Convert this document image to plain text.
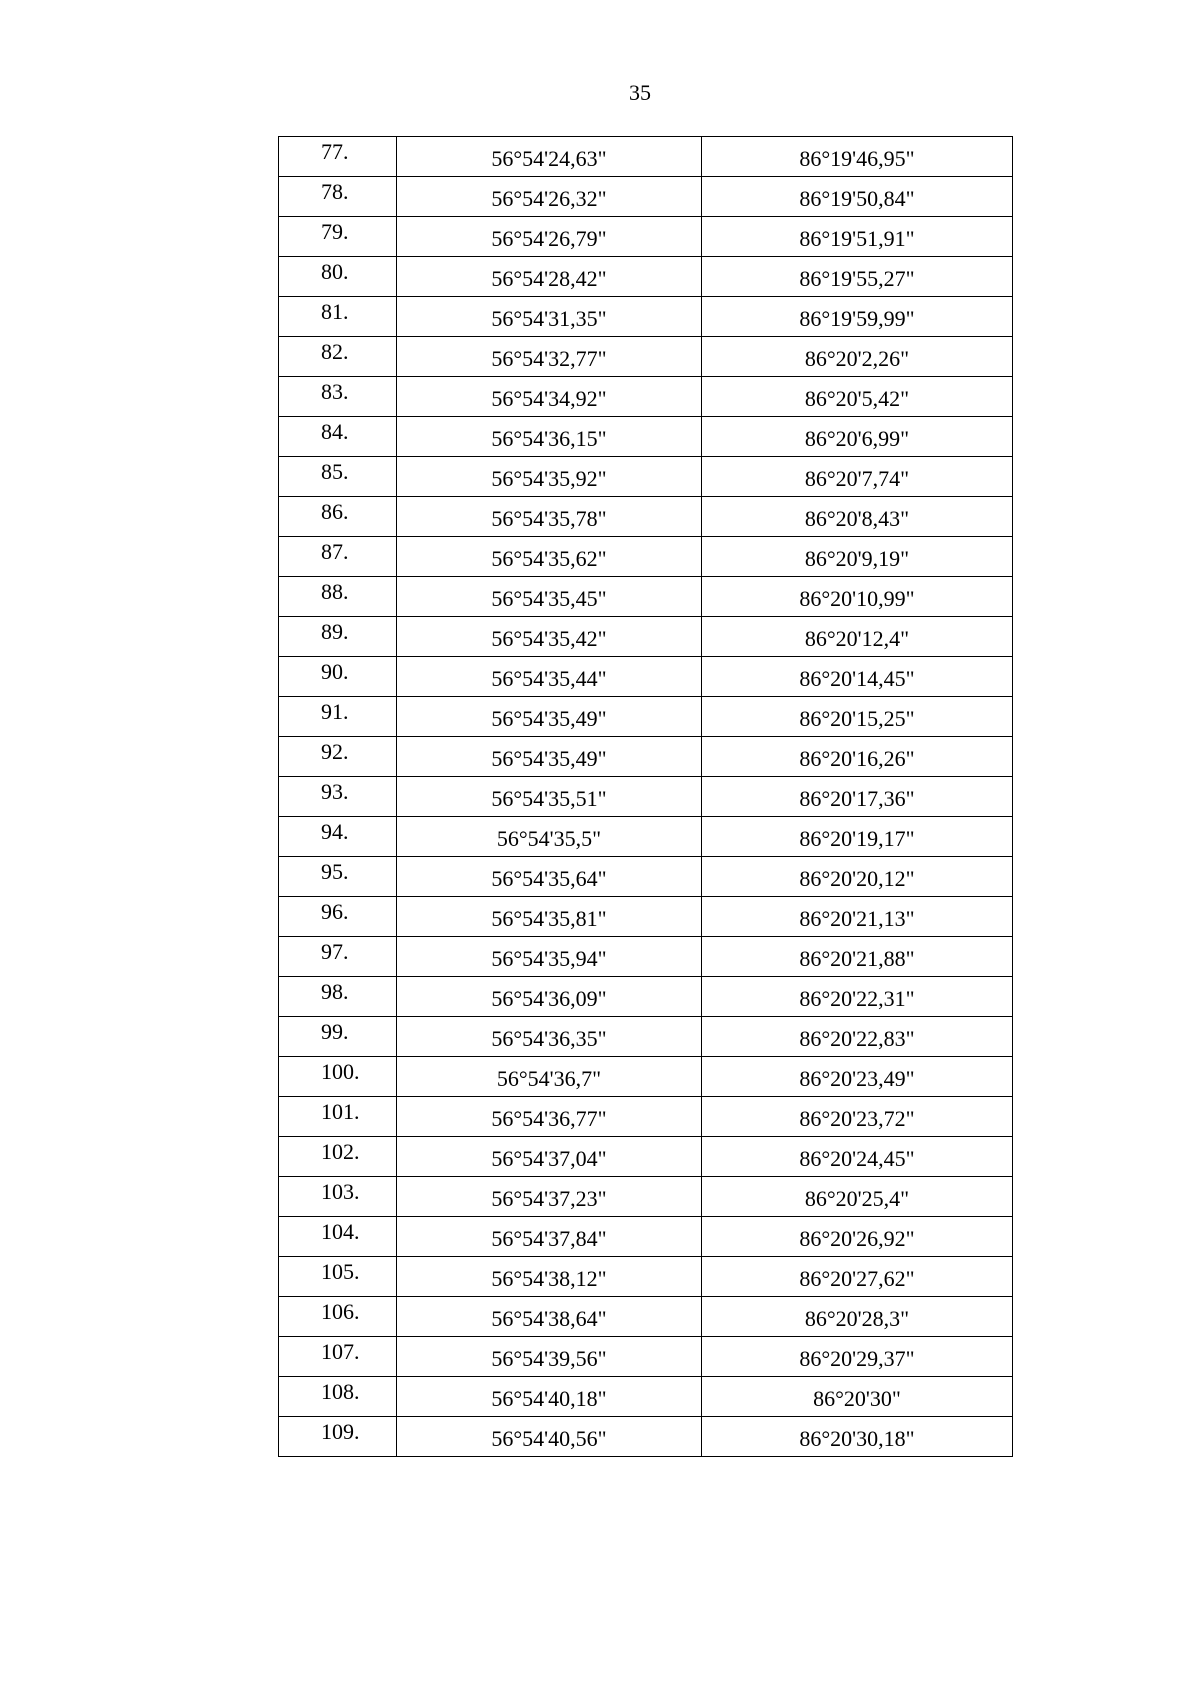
35
77.	56°54'24,63"	86°19'46,95"
78.	56°54'26,32"	86°19'50,84"
79.	56°54'26,79"	86°19'51,91"
80.	56°54'28,42"	86°19'55,27"
81.	56°54'31,35"	86°19'59,99"
82.	56°54'32,77"	86°20'2,26"
83.	56°54'34,92"	86°20'5,42"
84.	56°54'36,15"	86°20'6,99"
85.	56°54'35,92"	86°20'7,74"
86.	56°54'35,78"	86°20'8,43"
87.	56°54'35,62"	86°20'9,19"
88.	56°54'35,45"	86°20'10,99"
89.	56°54'35,42"	86°20'12,4"
90.	56°54'35,44"	86°20'14,45"
91.	56°54'35,49"	86°20'15,25"
92.	56°54'35,49"	86°20'16,26"
93.	56°54'35,51"	86°20'17,36"
94.	56°54'35,5"	86°20'19,17"
95.	56°54'35,64"	86°20'20,12"
96.	56°54'35,81"	86°20'21,13"
97.	56°54'35,94"	86°20'21,88"
98.	56°54'36,09"	86°20'22,31"
99.	56°54'36,35"	86°20'22,83"
100.	56°54'36,7"	86°20'23,49"
101.	56°54'36,77"	86°20'23,72"
102.	56°54'37,04"	86°20'24,45"
103.	56°54'37,23"	86°20'25,4"
104.	56°54'37,84"	86°20'26,92"
105.	56°54'38,12"	86°20'27,62"
106.	56°54'38,64"	86°20'28,3"
107.	56°54'39,56"	86°20'29,37"
108.	56°54'40,18"	86°20'30"
109.	56°54'40,56"	86°20'30,18"
